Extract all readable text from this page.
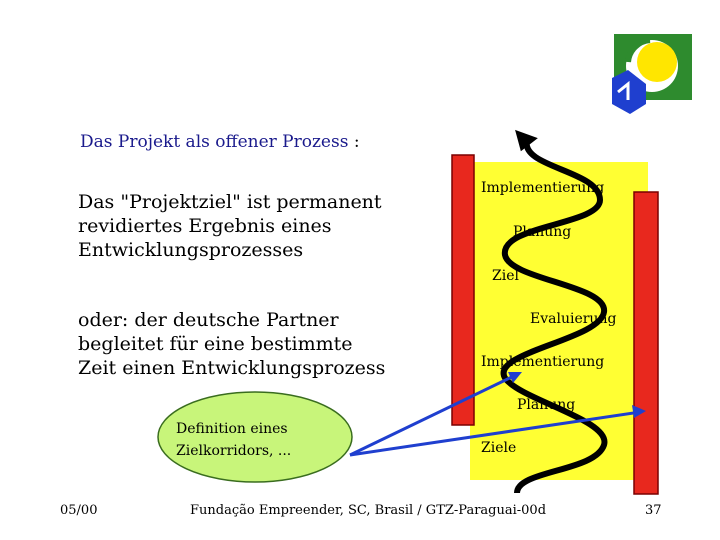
Das Projekt als offener Prozess :
Das "Projektziel" ist permanent
revidiertes Ergebnis eines
Entwicklungsprozesses
oder: der deutsche Partner
begleitet für eine bestimmte
Zeit einen Entwicklungsprozess
Implementierung
Planung
Ziel
Evaluierung
Implementierung
Planung
Ziele
Definition eines
Zielkorridors, ...
05/00	Fundação Empreender, SC, Brasil / GTZ-Paraguai-00d	37
